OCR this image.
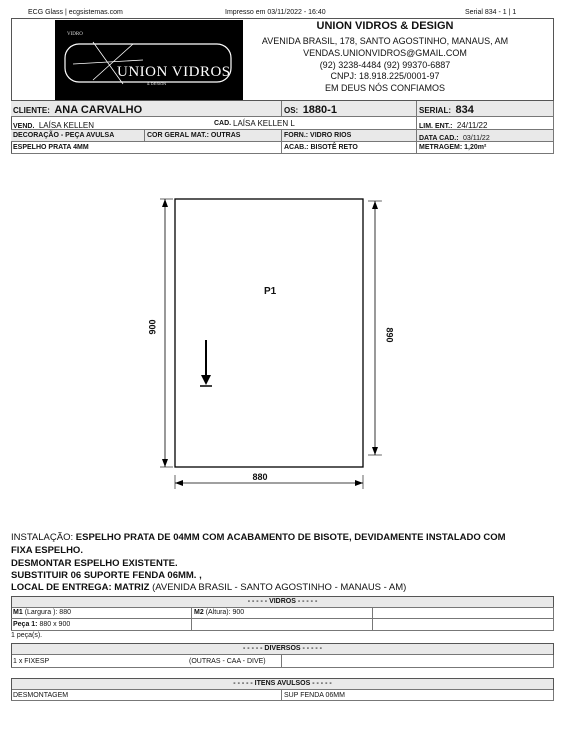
ECG Glass | ecgsistemas.com	Impresso em 03/11/2022 - 16:40	Serial 834 - 1 | 1
VIDRO
UNION VIDROS
& DESIGN
UNION VIDROS & DESIGN
AVENIDA BRASIL, 178, SANTO AGOSTINHO, MANAUS, AM
VENDAS.UNIONVIDROS@GMAIL.COM
(92) 3238-4484 (92) 99370-6887
CNPJ: 18.918.225/0001-97
EM DEUS NÓS CONFIAMOS
CLIENTE: ANA CARVALHO	OS: 1880-1	SERIAL: 834
VEND. LAÍSA KELLEN	CAD. LAÍSA KELLEN L	LIM. ENT.: 24/11/22
DECORAÇÃO - PEÇA AVULSA	COR GERAL MAT.: OUTRAS	FORN.: VIDRO RIOS	DATA CAD.: 03/11/22
ESPELHO PRATA 4MM	ACAB.: BISOTÊ RETO	METRAGEM: 1,20m²
P1
880
900
890
INSTALAÇÃO: ESPELHO PRATA DE 04MM COM ACABAMENTO DE BISOTE, DEVIDAMENTE INSTALADO COM
FIXA ESPELHO.
DESMONTAR ESPELHO EXISTENTE.
SUBSTITUIR 06 SUPORTE FENDA 06MM. ,
LOCAL DE ENTREGA: MATRIZ (AVENIDA BRASIL - SANTO AGOSTINHO - MANAUS - AM)
- - - - - VIDROS - - - - -
M1 (Largura ): 880	M2 (Altura): 900
Peça 1: 880 x 900
1 peça(s).
- - - - - DIVERSOS - - - - -
1 x FIXESP	(OUTRAS - CAA - DIVE)
- - - - - ITENS AVULSOS - - - - -
DESMONTAGEM	SUP FENDA 06MM
